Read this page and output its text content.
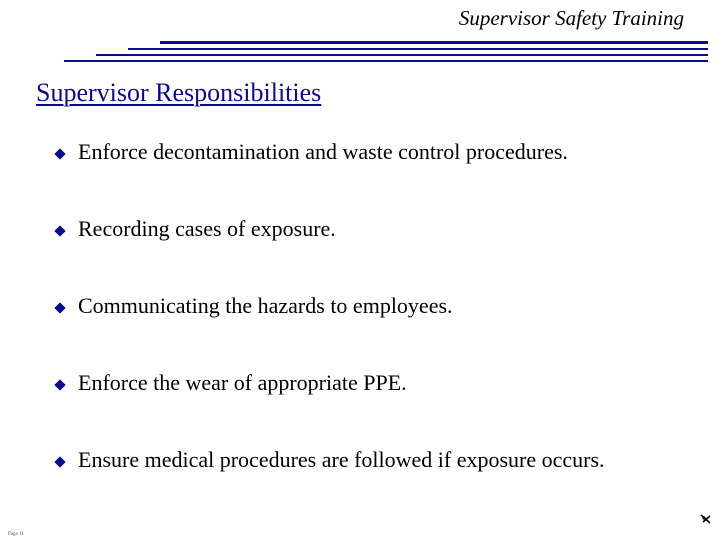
Supervisor Safety Training
Supervisor Responsibilities
Enforce decontamination and waste control procedures.
Recording cases of exposure.
Communicating the hazards to employees.
Enforce the wear of appropriate PPE.
Ensure medical procedures are followed if exposure occurs.
Page 11
